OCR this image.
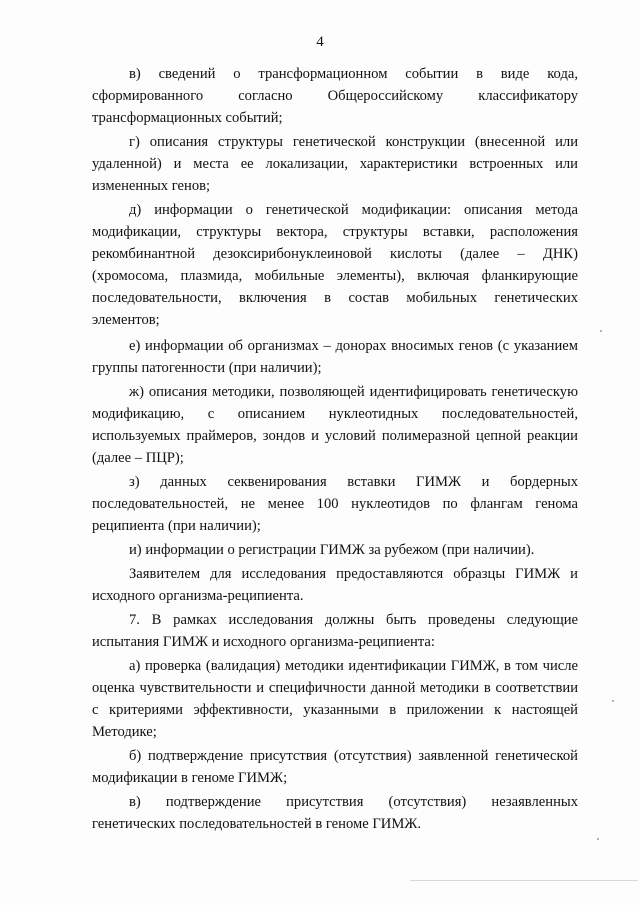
4

в) сведений о трансформационном событии в виде кода, сформированного согласно Общероссийскому классификатору трансформационных событий;

г) описания структуры генетической конструкции (внесенной или удаленной) и места ее локализации, характеристики встроенных или измененных генов;

д) информации о генетической модификации: описания метода модификации, структуры вектора, структуры вставки, расположения рекомбинантной дезоксирибонуклеиновой кислоты (далее – ДНК) (хромосома, плазмида, мобильные элементы), включая фланкирующие последовательности, включения в состав мобильных генетических элементов;

е) информации об организмах – донорах вносимых генов (с указанием группы патогенности (при наличии);

ж) описания методики, позволяющей идентифицировать генетическую модификацию, с описанием нуклеотидных последовательностей, используемых праймеров, зондов и условий полимеразной цепной реакции (далее – ПЦР);

з) данных секвенирования вставки ГИМЖ и бордерных последовательностей, не менее 100 нуклеотидов по флангам генома реципиента (при наличии);

и) информации о регистрации ГИМЖ за рубежом (при наличии).

Заявителем для исследования предоставляются образцы ГИМЖ и исходного организма-реципиента.

7. В рамках исследования должны быть проведены следующие испытания ГИМЖ и исходного организма-реципиента:

а) проверка (валидация) методики идентификации ГИМЖ, в том числе оценка чувствительности и специфичности данной методики в соответствии с критериями эффективности, указанными в приложении к настоящей Методике;

б) подтверждение присутствия (отсутствия) заявленной генетической модификации в геноме ГИМЖ;

в) подтверждение присутствия (отсутствия) незаявленных генетических последовательностей в геноме ГИМЖ.
